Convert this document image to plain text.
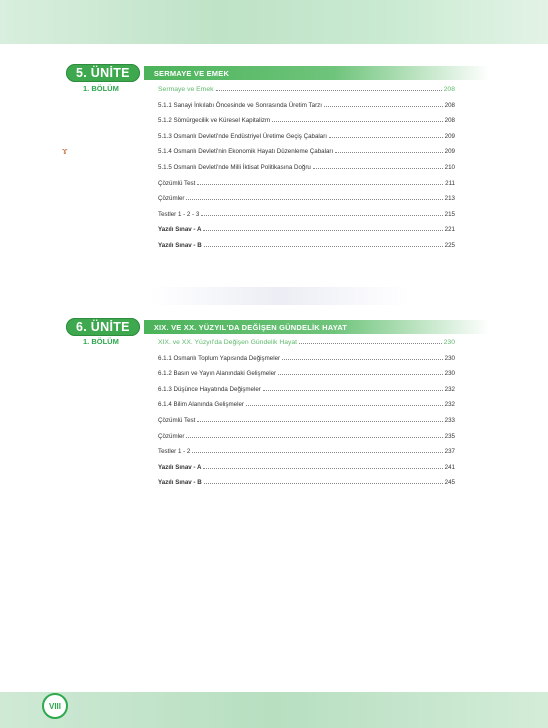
ɤ
5. ÜNİTE	SERMAYE VE EMEK
1. BÖLÜM	Sermaye ve Emek	208
5.1.1 Sanayi İnkılabı Öncesinde ve Sonrasında Üretim Tarzı	208
5.1.2 Sömürgecilik ve Küresel Kapitalizm	208
5.1.3 Osmanlı Devleti'nde Endüstriyel Üretime Geçiş Çabaları	209
5.1.4 Osmanlı Devleti'nin Ekonomik Hayatı Düzenleme Çabaları	209
5.1.5 Osmanlı Devleti'nde Milli İktisat Politikasına Doğru	210
Çözümlü Test	211
Çözümler	213
Testler 1 - 2 - 3	215
Yazılı Sınav - A	221
Yazılı Sınav - B	225
6. ÜNİTE	XIX. VE XX. YÜZYIL'DA DEĞİŞEN GÜNDELİK HAYAT
1. BÖLÜM	XIX. ve XX. Yüzyıl'da Değişen Gündelik Hayat	230
6.1.1 Osmanlı Toplum Yapısında Değişmeler	230
6.1.2 Basın ve Yayın Alanındaki Gelişmeler	230
6.1.3 Düşünce Hayatında Değişmeler	232
6.1.4 Bilim Alanında Gelişmeler	232
Çözümlü Test	233
Çözümler	235
Testler 1 - 2	237
Yazılı Sınav - A	241
Yazılı Sınav - B	245
VIII
